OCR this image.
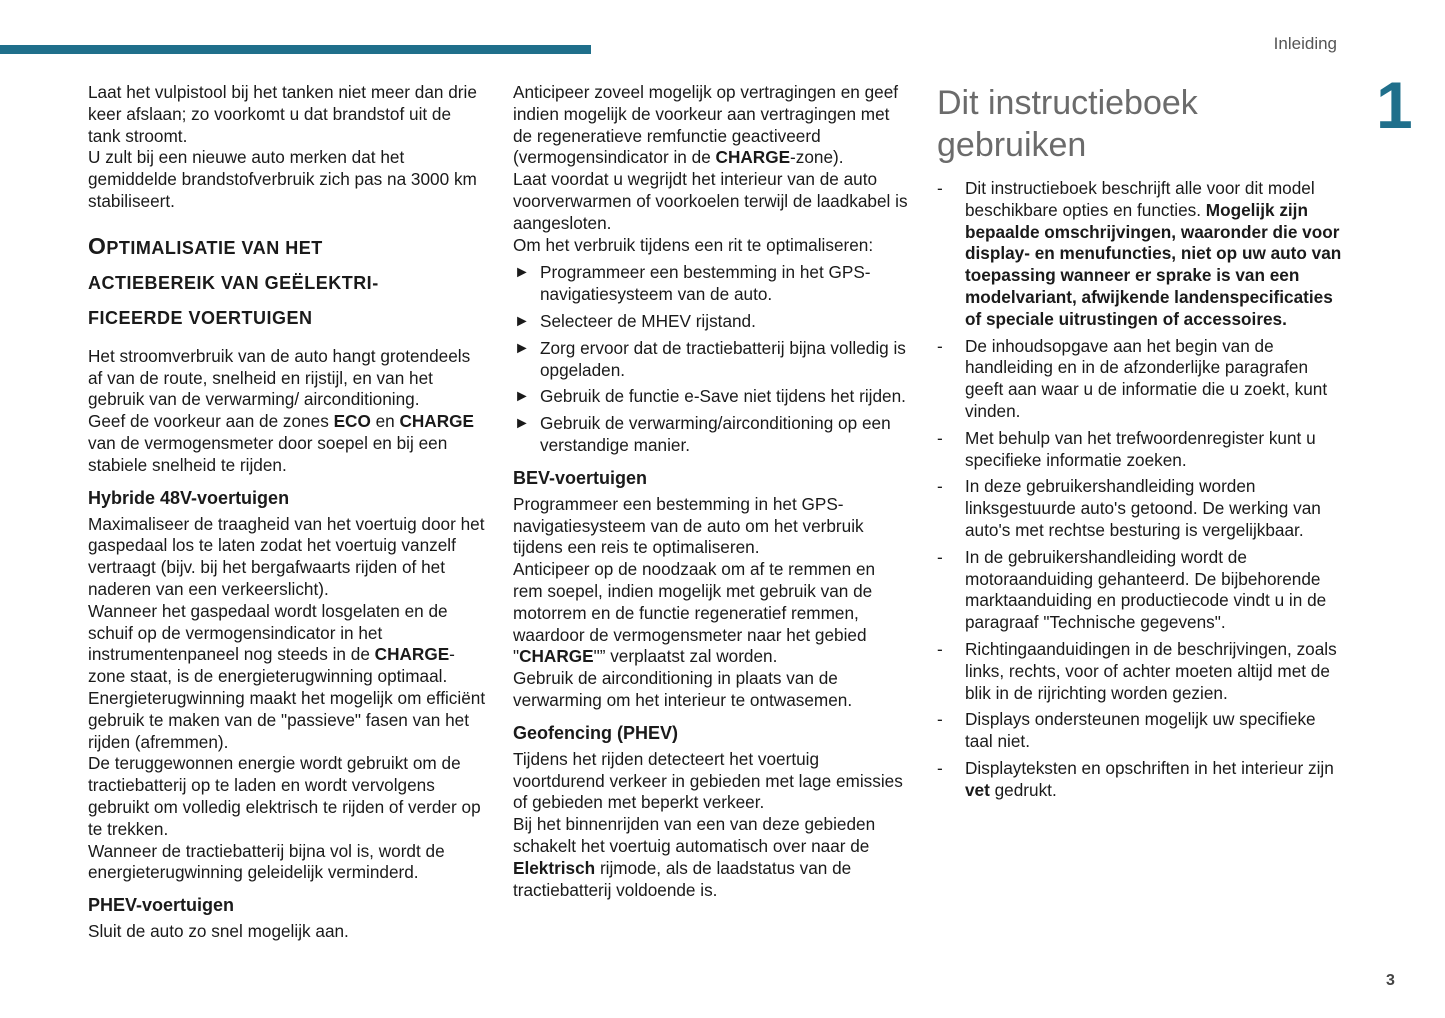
Inleiding
1

Laat het vulpistool bij het tanken niet meer dan drie keer afslaan; zo voorkomt u dat brandstof uit de tank stroomt.

U zult bij een nieuwe auto merken dat het gemiddelde brandstofverbruik zich pas na 3000 km stabiliseert.

OPTIMALISATIE VAN HET
ACTIEBEREIK VAN GEËLEKTRI-
FICEERDE VOERTUIGEN

Het stroomverbruik van de auto hangt grotendeels af van de route, snelheid en rijstijl, en van het gebruik van de verwarming/ airconditioning.

Geef de voorkeur aan de zones ECO en CHARGE van de vermogensmeter door soepel en bij een stabiele snelheid te rijden.

Hybride 48V-voertuigen

Maximaliseer de traagheid van het voertuig door het gaspedaal los te laten zodat het voertuig vanzelf vertraagt (bijv. bij het bergafwaarts rijden of het naderen van een verkeerslicht).

Wanneer het gaspedaal wordt losgelaten en de schuif op de vermogensindicator in het instrumentenpaneel nog steeds in de CHARGE-zone staat, is de energieterugwinning optimaal.

Energieterugwinning maakt het mogelijk om efficiënt gebruik te maken van de "passieve" fasen van het rijden (afremmen).

De teruggewonnen energie wordt gebruikt om de tractiebatterij op te laden en wordt vervolgens gebruikt om volledig elektrisch te rijden of verder op te trekken.

Wanneer de tractiebatterij bijna vol is, wordt de energieterugwinning geleidelijk verminderd.

PHEV-voertuigen

Sluit de auto zo snel mogelijk aan.

Anticipeer zoveel mogelijk op vertragingen en geef indien mogelijk de voorkeur aan vertragingen met de regeneratieve remfunctie geactiveerd (vermogensindicator in de CHARGE-zone).

Laat voordat u wegrijdt het interieur van de auto voorverwarmen of voorkoelen terwijl de laadkabel is aangesloten.

Om het verbruik tijdens een rit te optimaliseren:

► Programmeer een bestemming in het GPS-navigatiesysteem van de auto.
► Selecteer de MHEV rijstand.
► Zorg ervoor dat de tractiebatterij bijna volledig is opgeladen.
► Gebruik de functie e-Save niet tijdens het rijden.
► Gebruik de verwarming/airconditioning op een verstandige manier.
BEV-voertuigen

Programmeer een bestemming in het GPS-navigatiesysteem van de auto om het verbruik tijdens een reis te optimaliseren.

Anticipeer op de noodzaak om af te remmen en rem soepel, indien mogelijk met gebruik van de motorrem en de functie regeneratief remmen, waardoor de vermogensmeter naar het gebied "CHARGE"” verplaatst zal worden.

Gebruik de airconditioning in plaats van de verwarming om het interieur te ontwasemen.

Geofencing (PHEV)

Tijdens het rijden detecteert het voertuig voortdurend verkeer in gebieden met lage emissies of gebieden met beperkt verkeer.

Bij het binnenrijden van een van deze gebieden schakelt het voertuig automatisch over naar de Elektrisch rijmode, als de laadstatus van de tractiebatterij voldoende is.

Dit instructieboek
gebruiken
- Dit instructieboek beschrijft alle voor dit model beschikbare opties en functies. Mogelijk zijn bepaalde omschrijvingen, waaronder die voor display- en menufuncties, niet op uw auto van toepassing wanneer er sprake is van een modelvariant, afwijkende landenspecificaties of speciale uitrustingen of accessoires.
- De inhoudsopgave aan het begin van de handleiding en in de afzonderlijke paragrafen geeft aan waar u de informatie die u zoekt, kunt vinden.
- Met behulp van het trefwoordenregister kunt u specifieke informatie zoeken.
- In deze gebruikershandleiding worden linksgestuurde auto's getoond. De werking van auto's met rechtse besturing is vergelijkbaar.
- In de gebruikershandleiding wordt de motoraanduiding gehanteerd. De bijbehorende marktaanduiding en productiecode vindt u in de paragraaf "Technische gegevens".
- Richtingaanduidingen in de beschrijvingen, zoals links, rechts, voor of achter moeten altijd met de blik in de rijrichting worden gezien.
- Displays ondersteunen mogelijk uw specifieke taal niet.
- Displayteksten en opschriften in het interieur zijn vet gedrukt.
3
